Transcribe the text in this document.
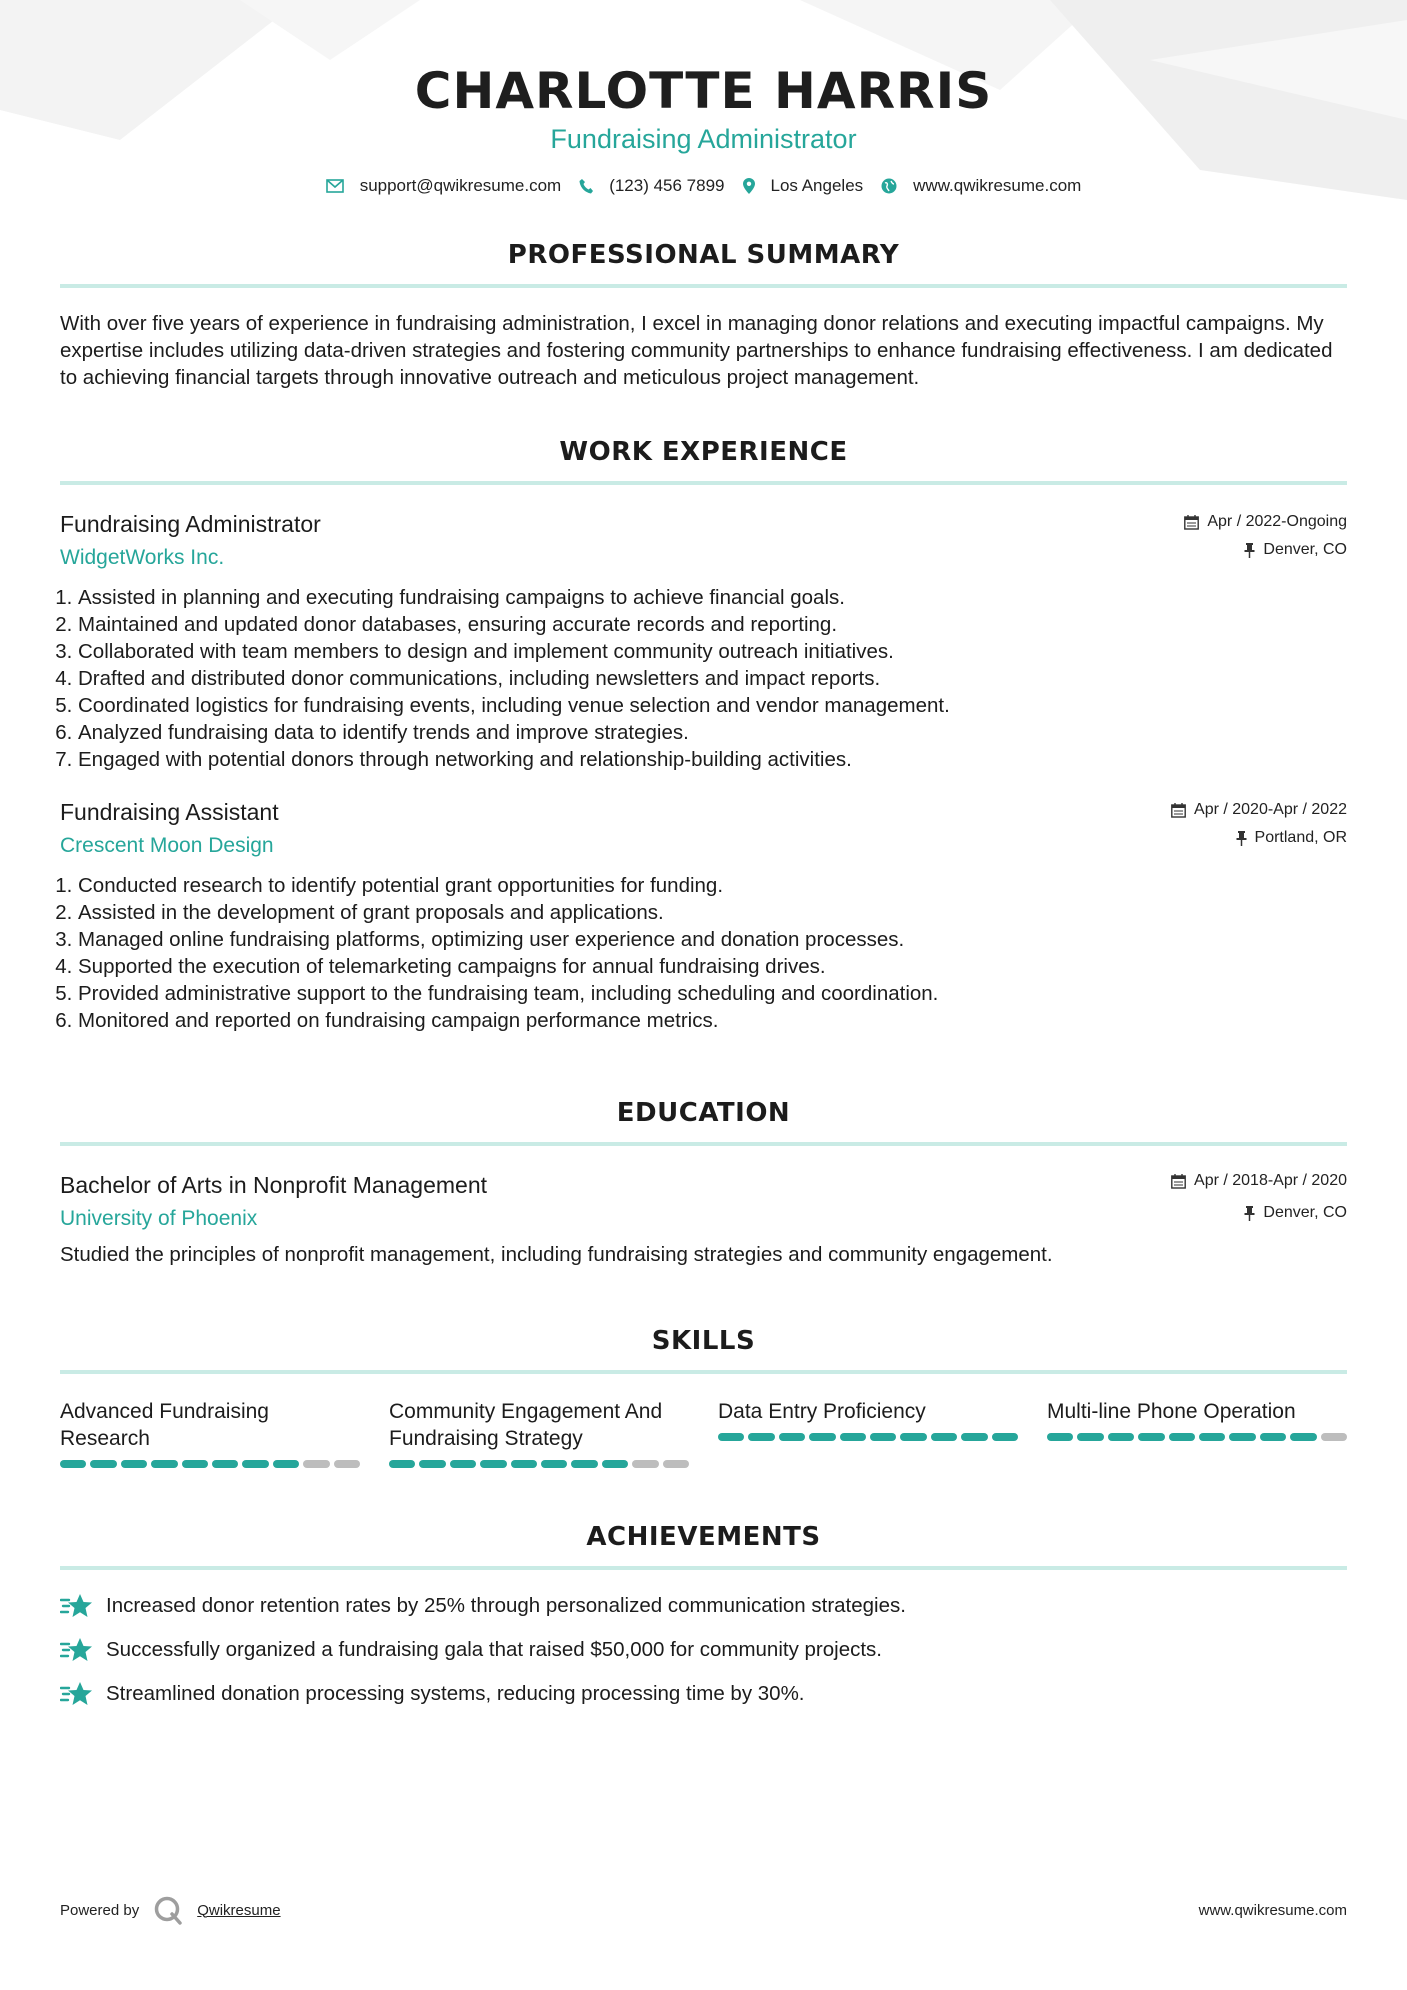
CHARLOTTE HARRIS
Fundraising Administrator
support@qwikresume.com	(123) 456 7899	Los Angeles	www.qwikresume.com
PROFESSIONAL SUMMARY
With over five years of experience in fundraising administration, I excel in managing donor relations and executing impactful campaigns. My expertise includes utilizing data-driven strategies and fostering community partnerships to enhance fundraising effectiveness. I am dedicated to achieving financial targets through innovative outreach and meticulous project management.
WORK EXPERIENCE
Apr / 2022-Ongoing
Denver, CO
Fundraising Administrator
WidgetWorks Inc.
1. Assisted in planning and executing fundraising campaigns to achieve financial goals.
2. Maintained and updated donor databases, ensuring accurate records and reporting.
3. Collaborated with team members to design and implement community outreach initiatives.
4. Drafted and distributed donor communications, including newsletters and impact reports.
5. Coordinated logistics for fundraising events, including venue selection and vendor management.
6. Analyzed fundraising data to identify trends and improve strategies.
7. Engaged with potential donors through networking and relationship-building activities.
Apr / 2020-Apr / 2022
Portland, OR
Fundraising Assistant
Crescent Moon Design
1. Conducted research to identify potential grant opportunities for funding.
2. Assisted in the development of grant proposals and applications.
3. Managed online fundraising platforms, optimizing user experience and donation processes.
4. Supported the execution of telemarketing campaigns for annual fundraising drives.
5. Provided administrative support to the fundraising team, including scheduling and coordination.
6. Monitored and reported on fundraising campaign performance metrics.
EDUCATION
Apr / 2018-Apr / 2020
Denver, CO
Bachelor of Arts in Nonprofit Management
University of Phoenix
Studied the principles of nonprofit management, including fundraising strategies and community engagement.
SKILLS
Advanced Fundraising Research
Community Engagement And Fundraising Strategy
Data Entry Proficiency	Multi-line Phone Operation
ACHIEVEMENTS
Increased donor retention rates by 25% through personalized communication strategies.
Successfully organized a fundraising gala that raised $50,000 for community projects.
Streamlined donation processing systems, reducing processing time by 30%.
Powered by	Qwikresume	www.qwikresume.com
